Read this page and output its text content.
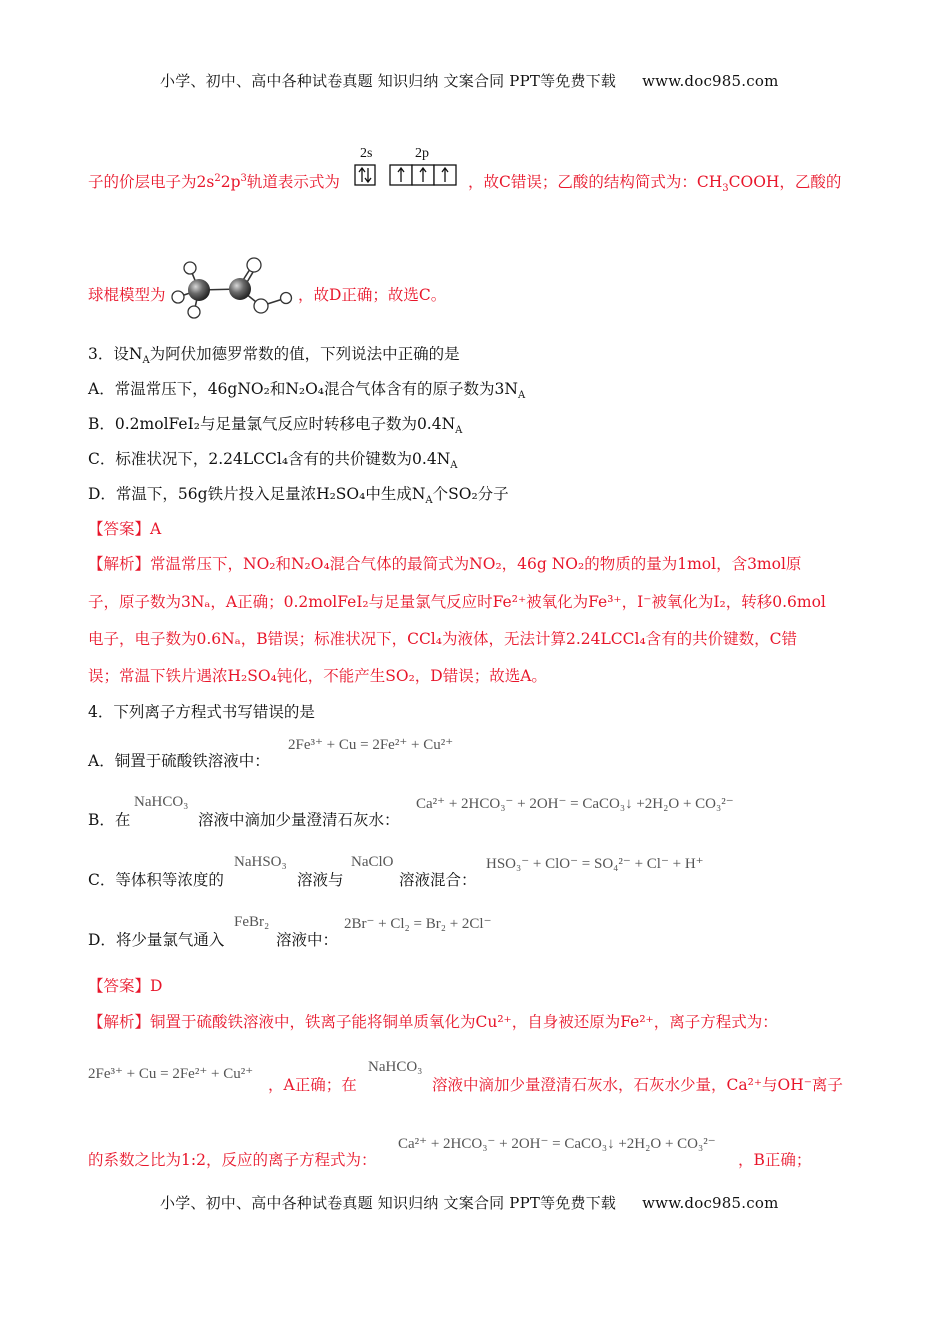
小学、初中、高中各种试卷真题 知识归纳 文案合同 PPT等免费下载 www.doc985.com
2s	2p
子的价层电子为$2s^22p^3$轨道表示式为	，故C错误；乙酸的结构简式为：$CH_3COOH$，乙酸的
球棍模型为	，故D正确；故选C。
3．设$N_A$为阿伏加德罗常数的值，下列说法中正确的是
A．常温常压下，46gNO₂和N₂O₄混合气体含有的原子数为$3N_A$
B．0.2molFeI₂与足量氯气反应时转移电子数为$0.4N_A$
C．标准状况下，2.24LCCl₄含有的共价键数为$0.4N_A$
D．常温下，56g铁片投入足量浓H₂SO₄中生成$N_A$个SO₂分子
【答案】A
【解析】常温常压下，NO₂和N₂O₄混合气体的最简式为NO₂，46g NO₂的物质的量为1mol，含3mol原
子，原子数为3Nₐ，A正确；0.2molFeI₂与足量氯气反应时Fe²⁺被氧化为Fe³⁺，I⁻被氧化为I₂，转移0.6mol
电子，电子数为0.6Nₐ，B错误；标准状况下，CCl₄为液体，无法计算2.24LCCl₄含有的共价键数，C错
误；常温下铁片遇浓H₂SO₄钝化，不能产生SO₂，D错误；故选A。
4．下列离子方程式书写错误的是
A．铜置于硫酸铁溶液中：
2Fe³⁺ + Cu = 2Fe²⁺ + Cu²⁺
B．在
NaHCO₃
溶液中滴加少量澄清石灰水：
Ca²⁺ + 2HCO₃⁻ + 2OH⁻ = CaCO₃↓ +2H₂O + CO₃²⁻
C．等体积等浓度的
NaHSO₃
溶液与
NaClO
溶液混合：
HSO₃⁻ + ClO⁻ = SO₄²⁻ + Cl⁻ + H⁺
D．将少量氯气通入
FeBr₂
溶液中：
2Br⁻ + Cl₂ = Br₂ + 2Cl⁻
【答案】D
【解析】铜置于硫酸铁溶液中，铁离子能将铜单质氧化为Cu²⁺，自身被还原为Fe²⁺，离子方程式为：
2Fe³⁺ + Cu = 2Fe²⁺ + Cu²⁺
，A正确；在
NaHCO₃
溶液中滴加少量澄清石灰水，石灰水少量，Ca²⁺与OH⁻离子
的系数之比为1:2，反应的离子方程式为：
Ca²⁺ + 2HCO₃⁻ + 2OH⁻ = CaCO₃↓ +2H₂O + CO₃²⁻
，B正确；
小学、初中、高中各种试卷真题 知识归纳 文案合同 PPT等免费下载 www.doc985.com
